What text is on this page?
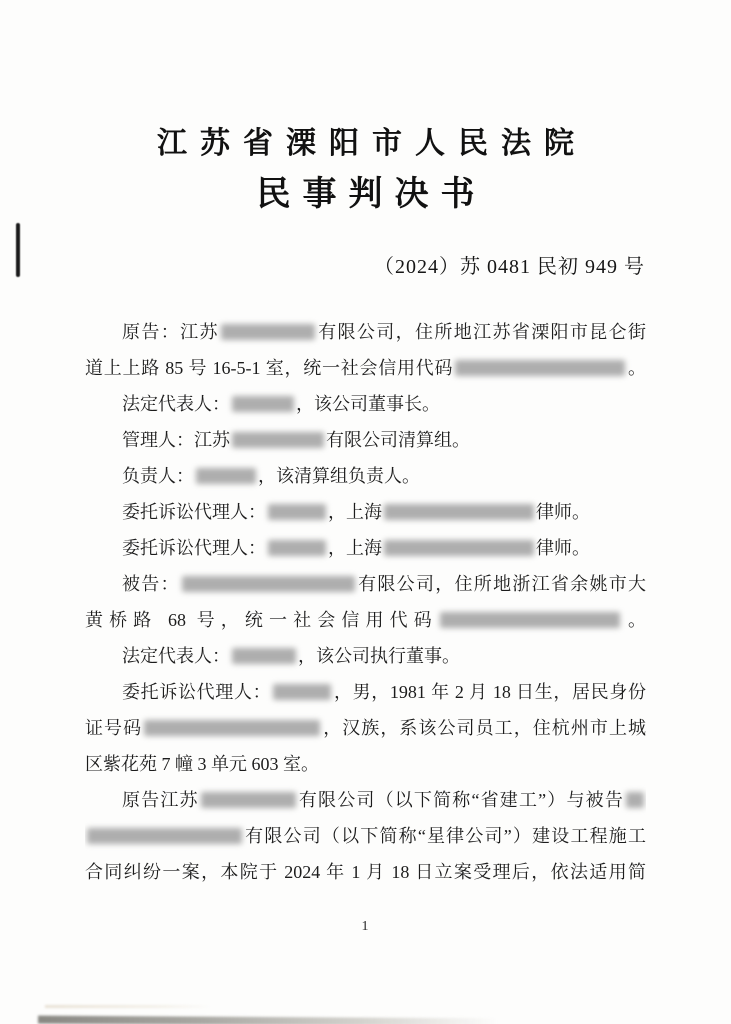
江苏省溧阳市人民法院
民事判决书
（2024）苏 0481 民初 949 号
原告：江苏	有限公司，住所地江苏省溧阳市昆仑街
道上上路 85 号 16-5-1 室，统一社会信用代码	。
法定代表人：	，该公司董事长。
管理人：江苏	有限公司清算组。
负责人：	，该清算组负责人。
委托诉讼代理人：	，上海	律师。
委托诉讼代理人：	，上海	律师。
被告：	有限公司，住所地浙江省余姚市大
黄桥路 68 号，统一社会信用代码	。
法定代表人：	，该公司执行董事。
委托诉讼代理人：	，男，1981 年 2 月 18 日生，居民身份
证号码	，汉族，系该公司员工，住杭州市上城
区紫花苑 7 幢 3 单元 603 室。
原告江苏	有限公司（以下简称“省建工”）与被告
有限公司（以下简称“星律公司”）建设工程施工
合同纠纷一案，本院于 2024 年 1 月 18 日立案受理后，依法适用简
1
